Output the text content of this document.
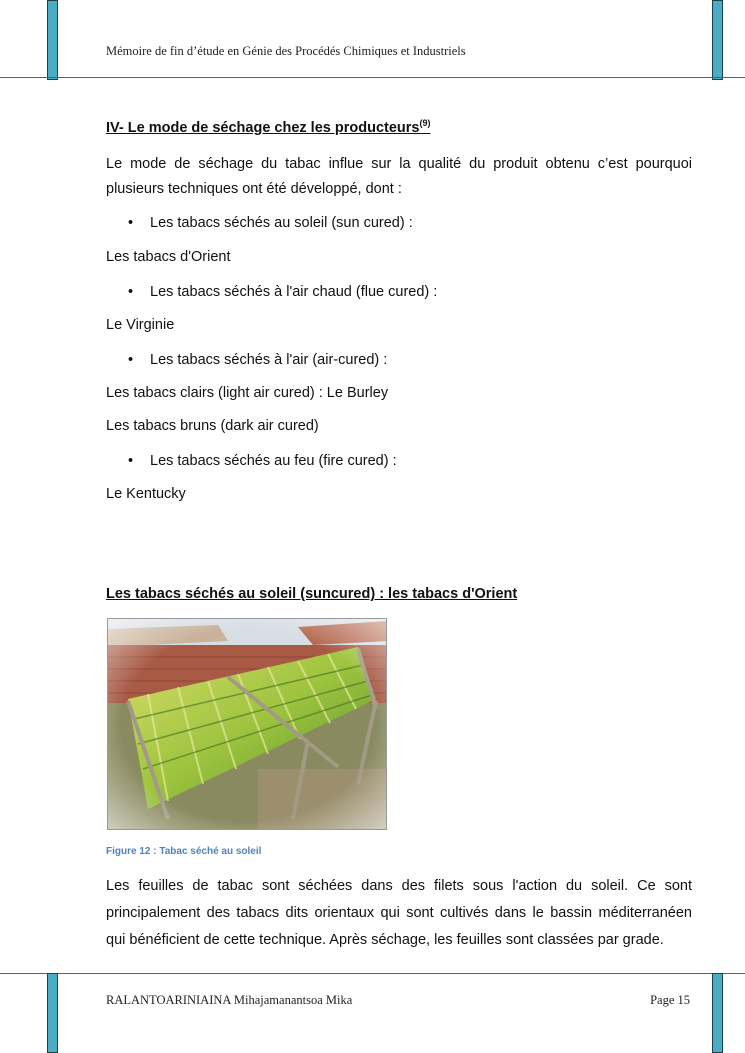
Mémoire de fin d’étude en Génie des Procédés Chimiques et Industriels
IV- Le mode de séchage chez les producteurs$^{(9)}$
Le mode de séchage du tabac influe sur la qualité du produit obtenu c’est pourquoi
plusieurs techniques ont été développé, dont :
• Les tabacs séchés au soleil (sun cured) :
Les tabacs d'Orient
• Les tabacs séchés à l'air chaud (flue cured) :
Le Virginie
• Les tabacs séchés à l'air (air-cured) :
Les tabacs clairs (light air cured) : Le Burley
Les tabacs bruns (dark air cured)
• Les tabacs séchés au feu (fire cured) :
Le Kentucky
Les tabacs séchés au soleil (suncured) : les tabacs d'Orient
Figure 12 : Tabac séché au soleil
Les feuilles de tabac sont séchées dans des filets sous l'action du soleil. Ce sont
principalement des tabacs dits orientaux qui sont cultivés dans le bassin méditerranéen
qui bénéficient de cette technique. Après séchage, les feuilles sont classées par grade.
RALANTOARINIAINA Mihajamanantsoa Mika	Page 15
